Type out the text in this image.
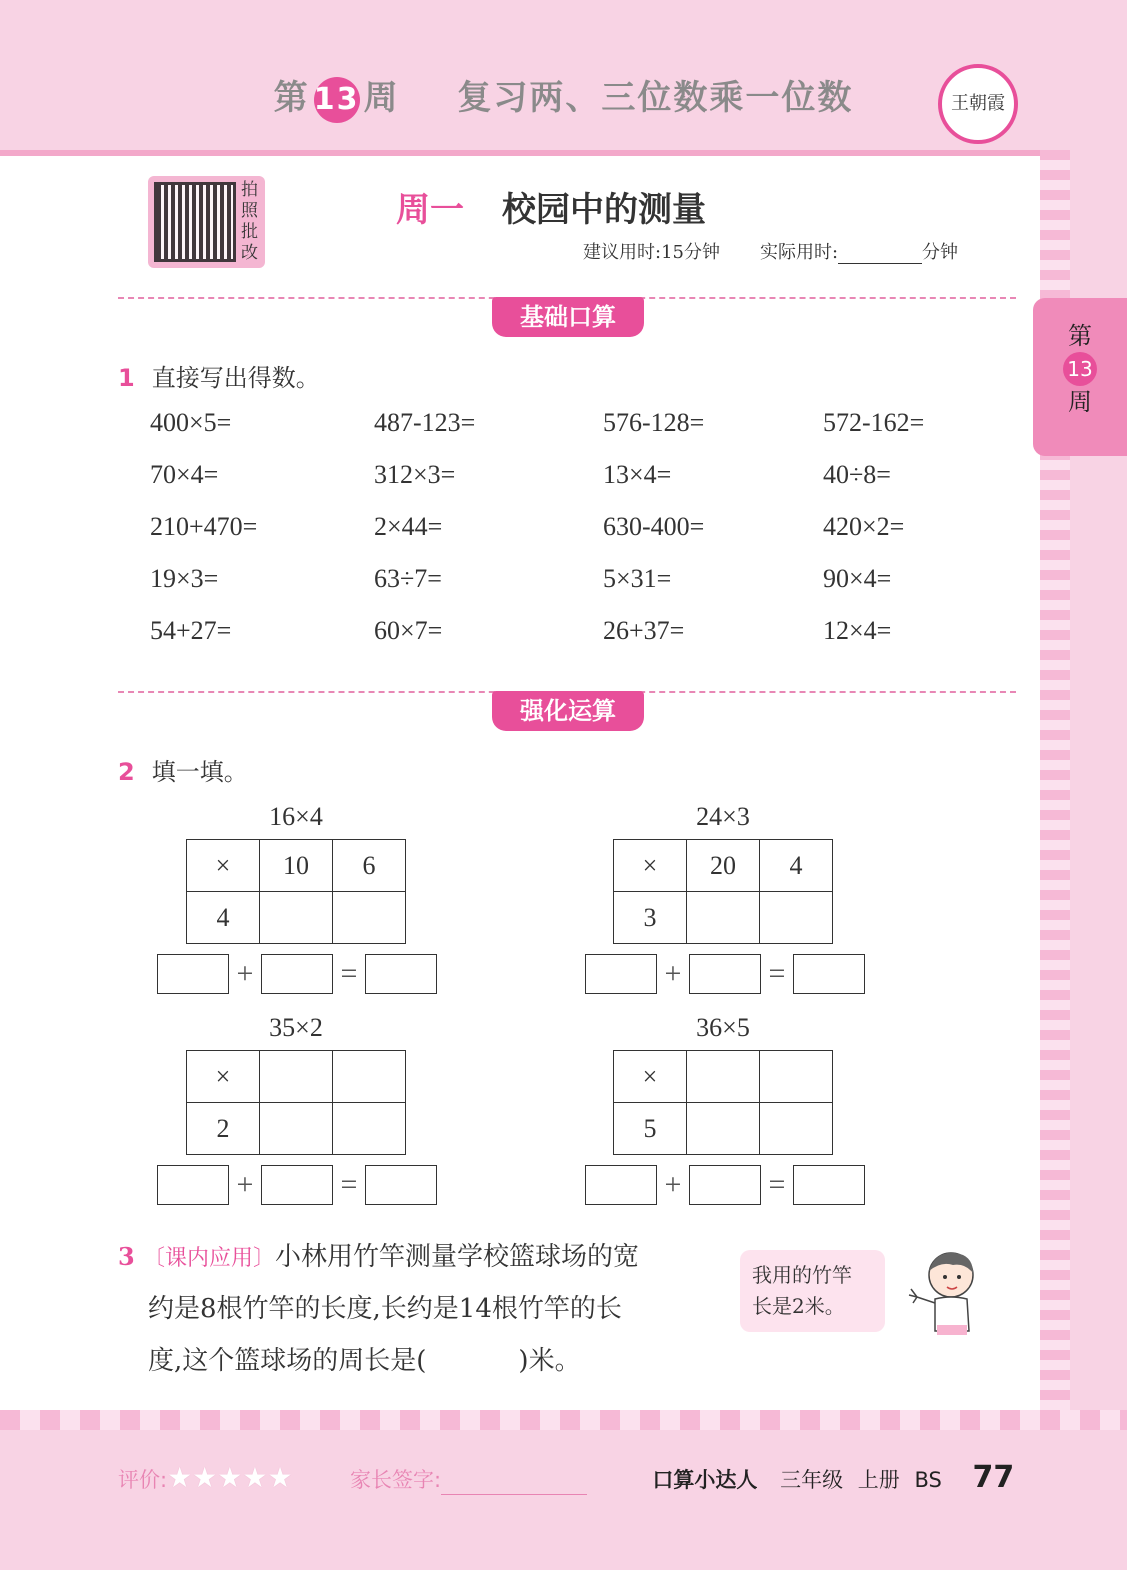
第 13 周 复习两、三位数乘一位数	王朝霞
第
13
周
拍照批改
周一 校园中的测量
建议用时:15分钟 实际用时:	分钟
基础口算
1 直接写出得数。
400×5=	487-123=	576-128=	572-162=
70×4=	312×3=	13×4=	40÷8=
210+470=	2×44=	630-400=	420×2=
19×3=	63÷7=	5×31=	90×4=
54+27=	60×7=	26+37=	12×4=
强化运算
2 填一填。
16×4
×	10	6
4		
+	=
24×3
×	20	4
3		
+	=
35×2
×		
2		
+	=
36×5
×		
5		
+	=
3 〔课内应用〕小林用竹竿测量学校篮球场的宽
约是8根竹竿的长度,长约是14根竹竿的长
度,这个篮球场的周长是(	)米。
我用的竹竿
长是2米。
评价:★★★★★	家长签字:	口算小达人 三年级 上册 BS 77
